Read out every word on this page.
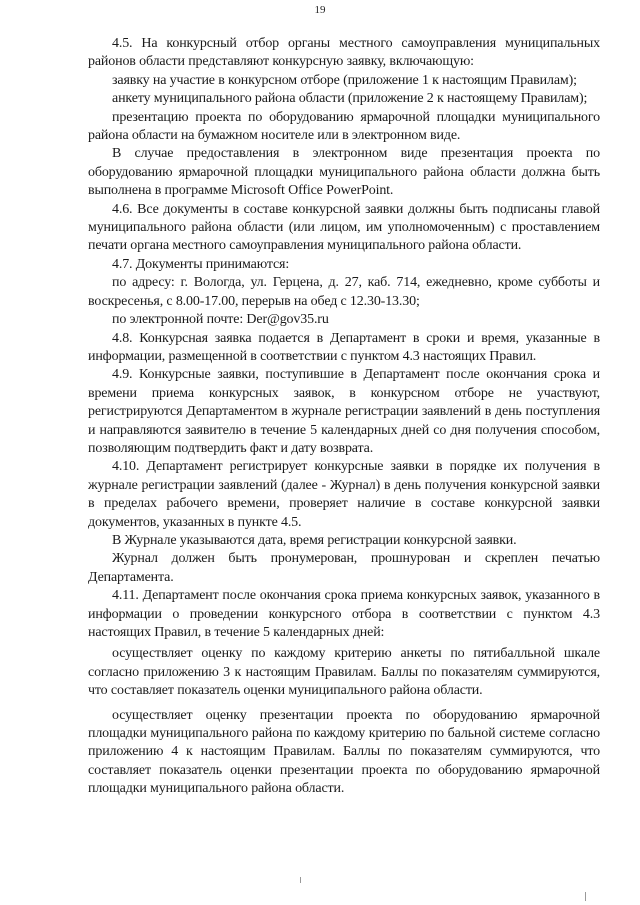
19

4.5. На конкурсный отбор органы местного самоуправления муниципальных районов области представляют конкурсную заявку, включающую:

заявку на участие в конкурсном отборе (приложение 1 к настоящим Правилам);

анкету муниципального района области (приложение 2 к настоящему Правилам);

презентацию проекта по оборудованию ярмарочной площадки муниципального района области на бумажном носителе или в электронном виде.

В случае предоставления в электронном виде презентация проекта по оборудованию ярмарочной площадки муниципального района области должна быть выполнена в программе Microsoft Office PowerPoint.

4.6. Все документы в составе конкурсной заявки должны быть подписаны главой муниципального района области (или лицом, им уполномоченным) с проставлением печати органа местного самоуправления муниципального района области.

4.7. Документы принимаются:

по адресу: г. Вологда, ул. Герцена, д. 27, каб. 714, ежедневно, кроме субботы и воскресенья, с 8.00-17.00, перерыв на обед с 12.30-13.30;

по электронной почте: Der@gov35.ru

4.8. Конкурсная заявка подается в Департамент в сроки и время, указанные в информации, размещенной в соответствии с пунктом 4.3 настоящих Правил.

4.9. Конкурсные заявки, поступившие в Департамент после окончания срока и времени приема конкурсных заявок, в конкурсном отборе не участвуют, регистрируются Департаментом в журнале регистрации заявлений в день поступления и направляются заявителю в течение 5 календарных дней со дня получения способом, позволяющим подтвердить факт и дату возврата.

4.10. Департамент регистрирует конкурсные заявки в порядке их получения в журнале регистрации заявлений (далее - Журнал) в день получения конкурсной заявки в пределах рабочего времени, проверяет наличие в составе конкурсной заявки документов, указанных в пункте 4.5.

В Журнале указываются дата, время регистрации конкурсной заявки.

Журнал должен быть пронумерован, прошнурован и скреплен печатью Департамента.

4.11. Департамент после окончания срока приема конкурсных заявок, указанного в информации о проведении конкурсного отбора в соответствии с пунктом 4.3 настоящих Правил, в течение 5 календарных дней:

осуществляет оценку по каждому критерию анкеты по пятибалльной шкале согласно приложению 3 к настоящим Правилам. Баллы по показателям суммируются, что составляет показатель оценки муниципального района области.

осуществляет оценку презентации проекта по оборудованию ярмарочной площадки муниципального района по каждому критерию по бальной системе согласно приложению 4 к настоящим Правилам. Баллы по показателям суммируются, что составляет показатель оценки презентации проекта по оборудованию ярмарочной площадки муниципального района области.
